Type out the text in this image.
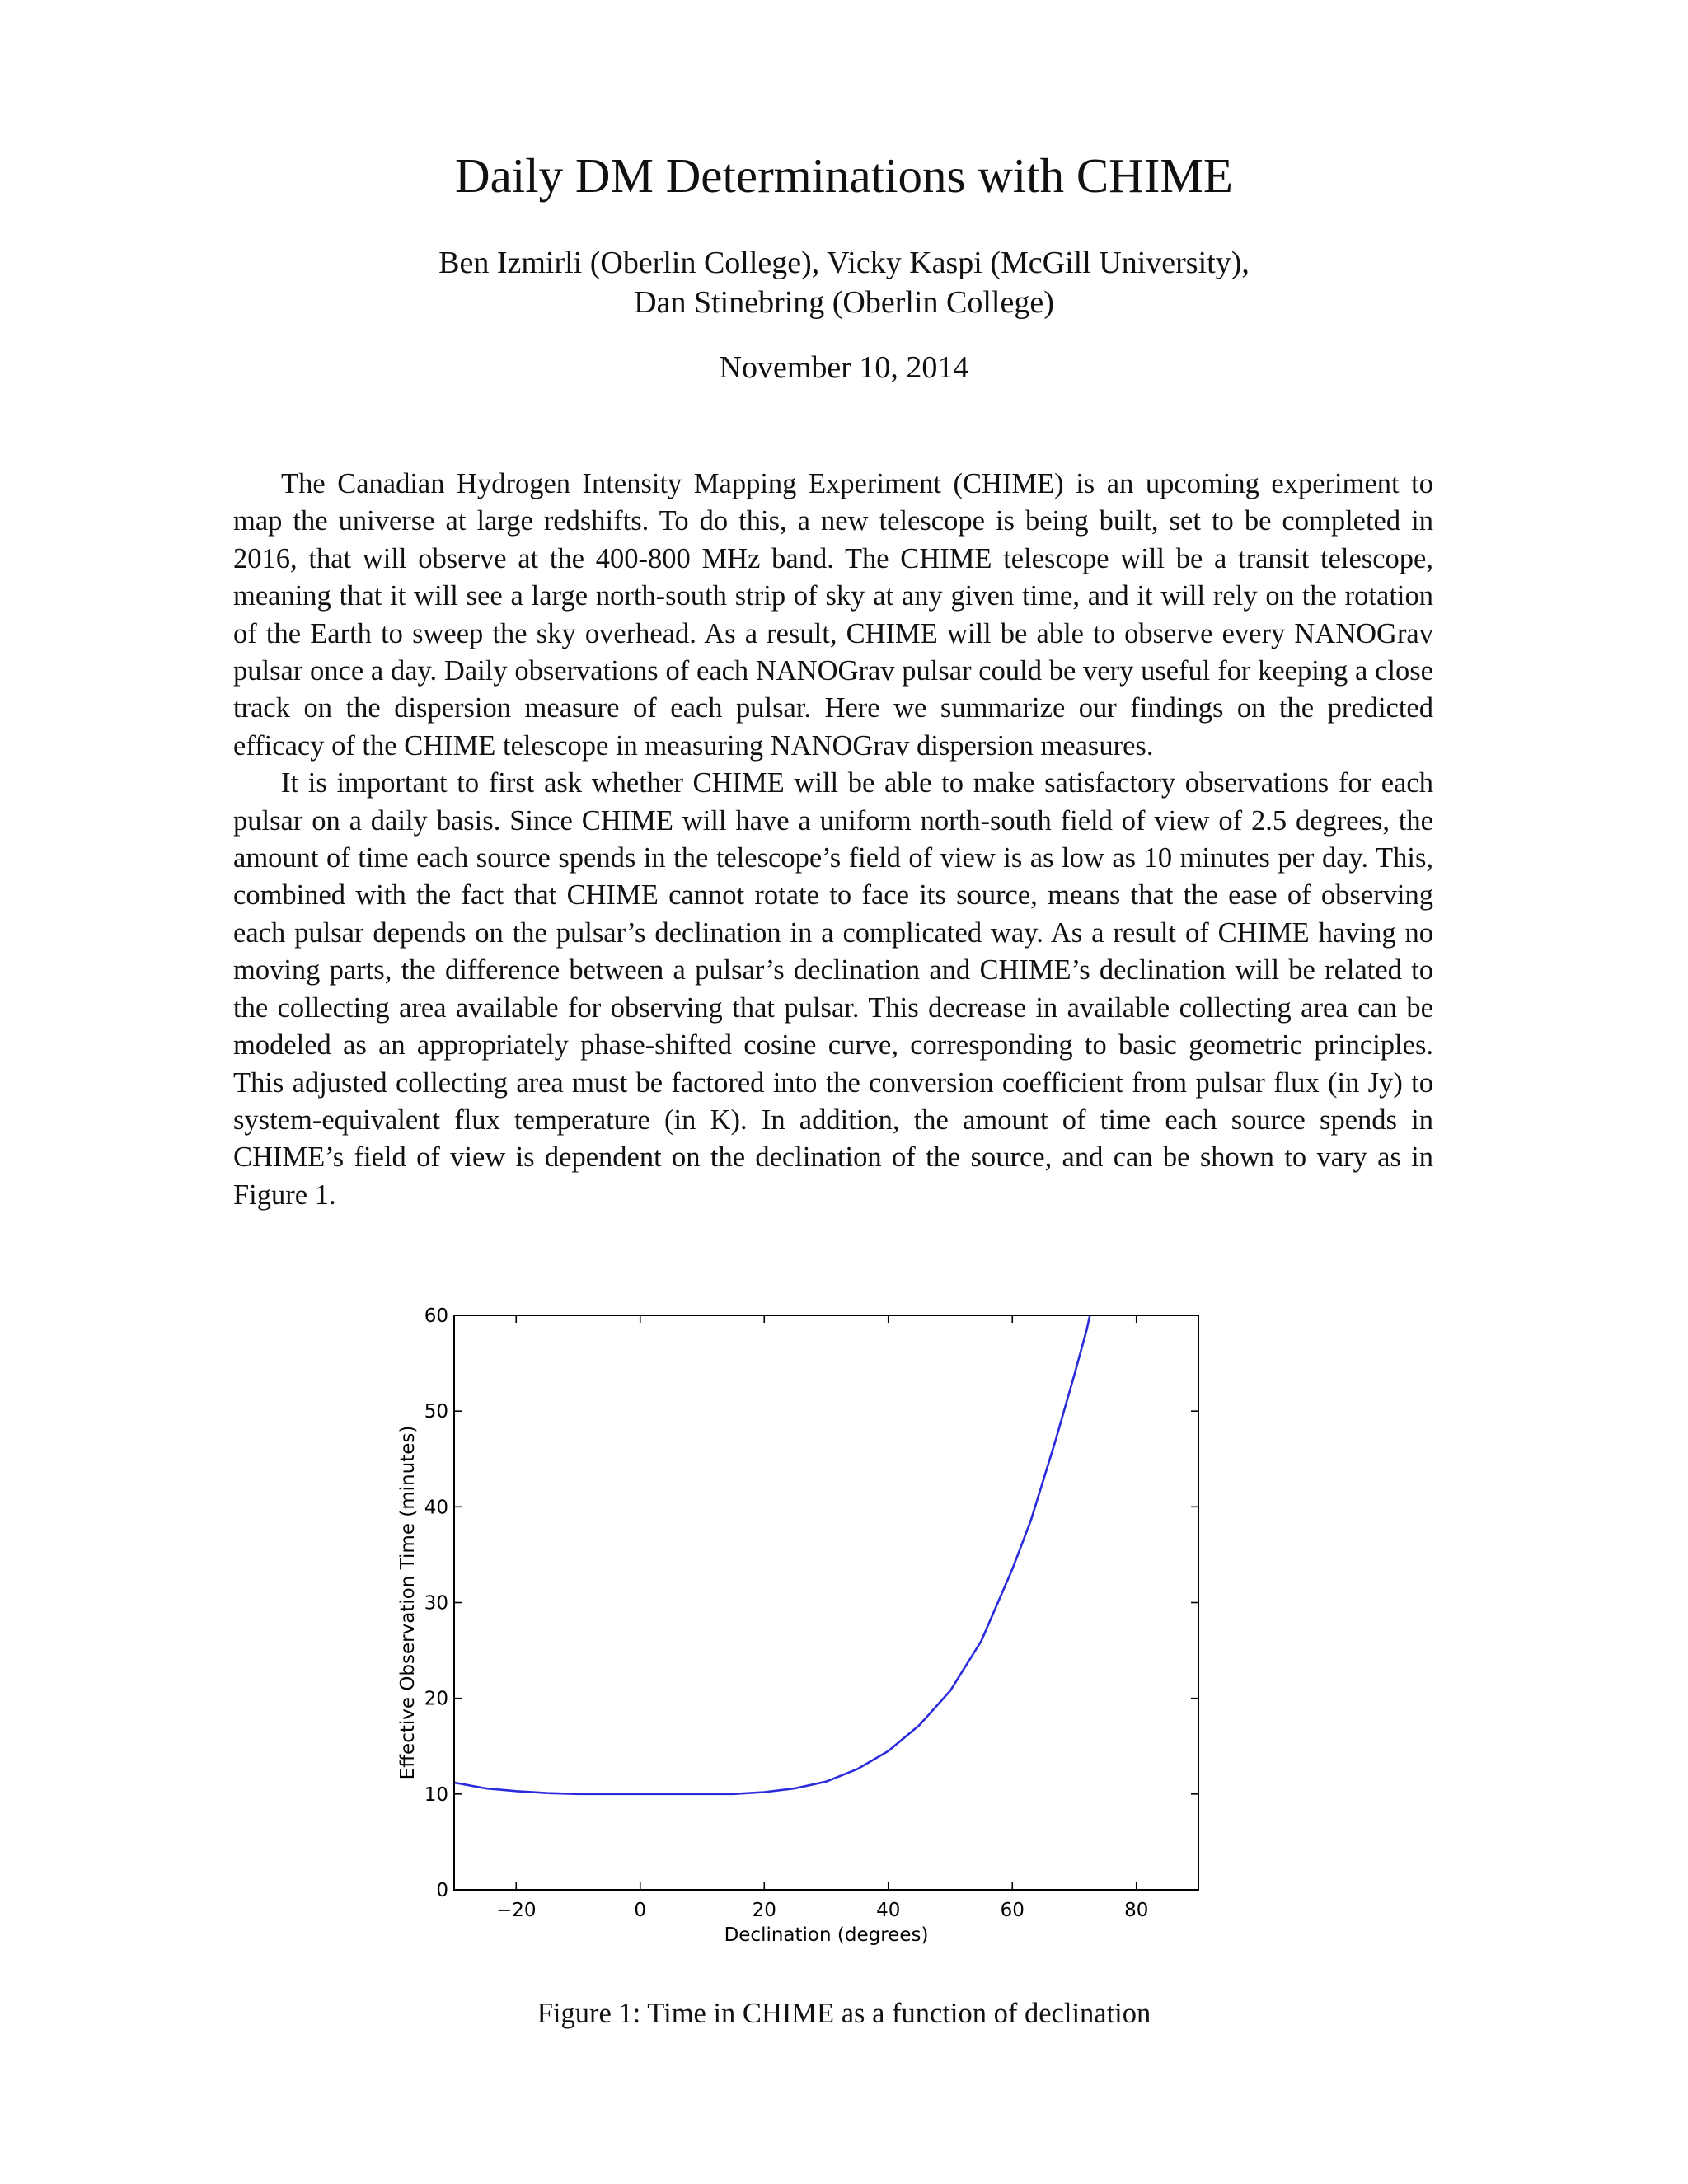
Daily DM Determinations with CHIME
Ben Izmirli (Oberlin College), Vicky Kaspi (McGill University),
Dan Stinebring (Oberlin College)
November 10, 2014

The Canadian Hydrogen Intensity Mapping Experiment (CHIME) is an upcoming experiment to map the universe at large redshifts. To do this, a new telescope is being built, set to be completed in 2016, that will observe at the 400-800 MHz band. The CHIME telescope will be a transit telescope, meaning that it will see a large north-south strip of sky at any given time, and it will rely on the rotation of the Earth to sweep the sky overhead. As a result, CHIME will be able to observe every NANOGrav pulsar once a day. Daily observations of each NANOGrav pulsar could be very useful for keeping a close track on the dispersion measure of each pulsar. Here we summarize our findings on the predicted efficacy of the CHIME telescope in measuring NANOGrav dispersion measures.

It is important to first ask whether CHIME will be able to make satisfactory observations for each pulsar on a daily basis. Since CHIME will have a uniform north-south field of view of 2.5 degrees, the amount of time each source spends in the telescope’s field of view is as low as 10 minutes per day. This, combined with the fact that CHIME cannot rotate to face its source, means that the ease of observing each pulsar depends on the pulsar’s declination in a complicated way. As a result of CHIME having no moving parts, the difference between a pulsar’s declination and CHIME’s declination will be related to the collecting area available for observing that pulsar. This decrease in available collecting area can be modeled as an appropriately phase-shifted cosine curve, corresponding to basic geometric principles. This adjusted collecting area must be factored into the conversion coefficient from pulsar flux (in Jy) to system-equivalent flux temperature (in K). In addition, the amount of time each source spends in CHIME’s field of view is dependent on the declination of the source, and can be shown to vary as in Figure 1.

−20	0	20	40	60	80
0
10
20
30
40
50
60
Declination (degrees)
Effective Observation Time (minutes)
Figure 1: Time in CHIME as a function of declination
